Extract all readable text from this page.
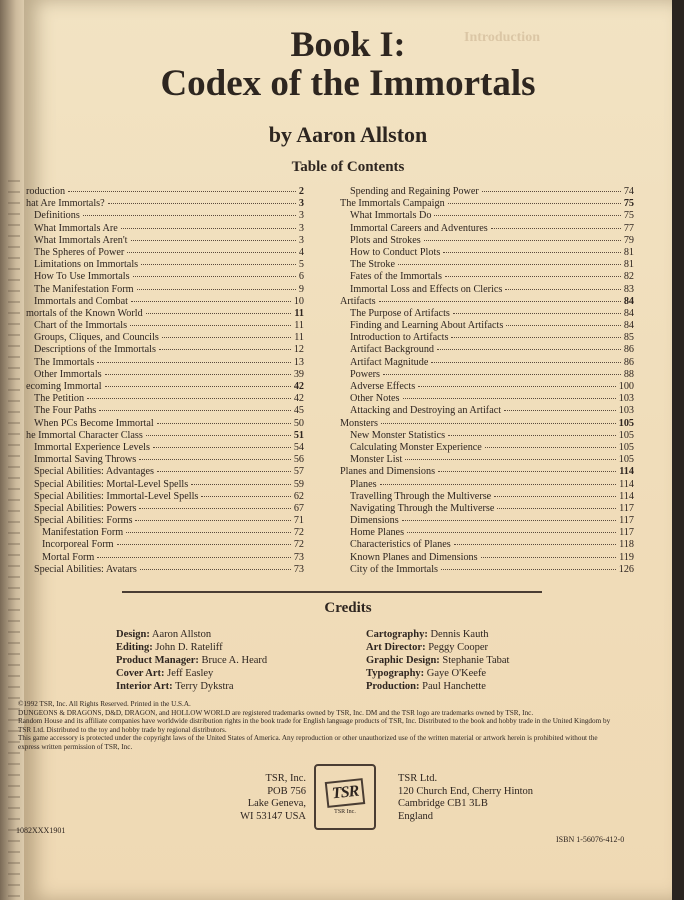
Introduction
Book I:
Codex of the Immortals
by Aaron Allston
Table of Contents
roduction	2
hat Are Immortals?	3
Definitions	3
What Immortals Are	3
What Immortals Aren't	3
The Spheres of Power	4
Limitations on Immortals	5
How To Use Immortals	6
The Manifestation Form	9
Immortals and Combat	10
mortals of the Known World	11
Chart of the Immortals	11
Groups, Cliques, and Councils	11
Descriptions of the Immortals	12
The Immortals	13
Other Immortals	39
ecoming Immortal	42
The Petition	42
The Four Paths	45
When PCs Become Immortal	50
he Immortal Character Class	51
Immortal Experience Levels	54
Immortal Saving Throws	56
Special Abilities: Advantages	57
Special Abilities: Mortal-Level Spells	59
Special Abilities: Immortal-Level Spells	62
Special Abilities: Powers	67
Special Abilities: Forms	71
Manifestation Form	72
Incorporeal Form	72
Mortal Form	73
Special Abilities: Avatars	73
Spending and Regaining Power	74
The Immortals Campaign	75
What Immortals Do	75
Immortal Careers and Adventures	77
Plots and Strokes	79
How to Conduct Plots	81
The Stroke	81
Fates of the Immortals	82
Immortal Loss and Effects on Clerics	83
Artifacts	84
The Purpose of Artifacts	84
Finding and Learning About Artifacts	84
Introduction to Artifacts	85
Artifact Background	86
Artifact Magnitude	86
Powers	88
Adverse Effects	100
Other Notes	103
Attacking and Destroying an Artifact	103
Monsters	105
New Monster Statistics	105
Calculating Monster Experience	105
Monster List	105
Planes and Dimensions	114
Planes	114
Travelling Through the Multiverse	114
Navigating Through the Multiverse	117
Dimensions	117
Home Planes	117
Characteristics of Planes	118
Known Planes and Dimensions	119
City of the Immortals	126
Credits
Design: Aaron Allston
Editing: John D. Rateliff
Product Manager: Bruce A. Heard
Cover Art: Jeff Easley
Interior Art: Terry Dykstra
Cartography: Dennis Kauth
Art Director: Peggy Cooper
Graphic Design: Stephanie Tabat
Typography: Gaye O'Keefe
Production: Paul Hanchette

©1992 TSR, Inc. All Rights Reserved. Printed in the U.S.A.

DUNGEONS & DRAGONS, D&D, DRAGON, and HOLLOW WORLD are registered trademarks owned by TSR, Inc. DM and the TSR logo are trademarks owned by TSR, Inc.

Random House and its affiliate companies have worldwide distribution rights in the book trade for English language products of TSR, Inc. Distributed to the book and hobby trade in the United Kingdom by TSR Ltd. Distributed to the toy and hobby trade by regional distributors.

This game accessory is protected under the copyright laws of the United States of America. Any reproduction or other unauthorized use of the written material or artwork herein is prohibited without the express written permission of TSR, Inc.

TSR, Inc.
POB 756
Lake Geneva,
WI 53147 USA
TSR
TSR Inc.
TSR Ltd.
120 Church End, Cherry Hinton
Cambridge CB1 3LB
England
1082XXX1901
ISBN 1-56076-412-0
